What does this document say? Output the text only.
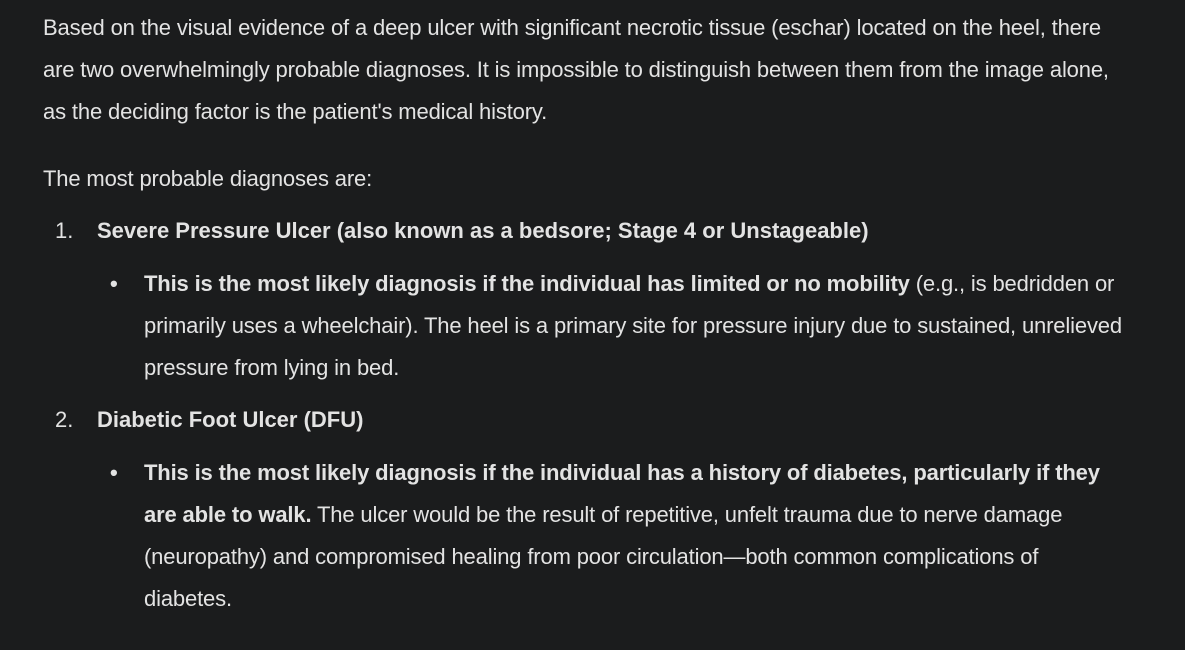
Based on the visual evidence of a deep ulcer with significant necrotic tissue (eschar) located on the heel, there are two overwhelmingly probable diagnoses. It is impossible to distinguish between them from the image alone, as the deciding factor is the patient's medical history.

The most probable diagnoses are:

1.	Severe Pressure Ulcer (also known as a bedsore; Stage 4 or Unstageable)

• This is the most likely diagnosis if the individual has limited or no mobility (e.g., is bedridden or primarily uses a wheelchair). The heel is a primary site for pressure injury due to sustained, unrelieved pressure from lying in bed.

2.	Diabetic Foot Ulcer (DFU)

• This is the most likely diagnosis if the individual has a history of diabetes, particularly if they are able to walk. The ulcer would be the result of repetitive, unfelt trauma due to nerve damage (neuropathy) and compromised healing from poor circulation—both common complications of diabetes.
